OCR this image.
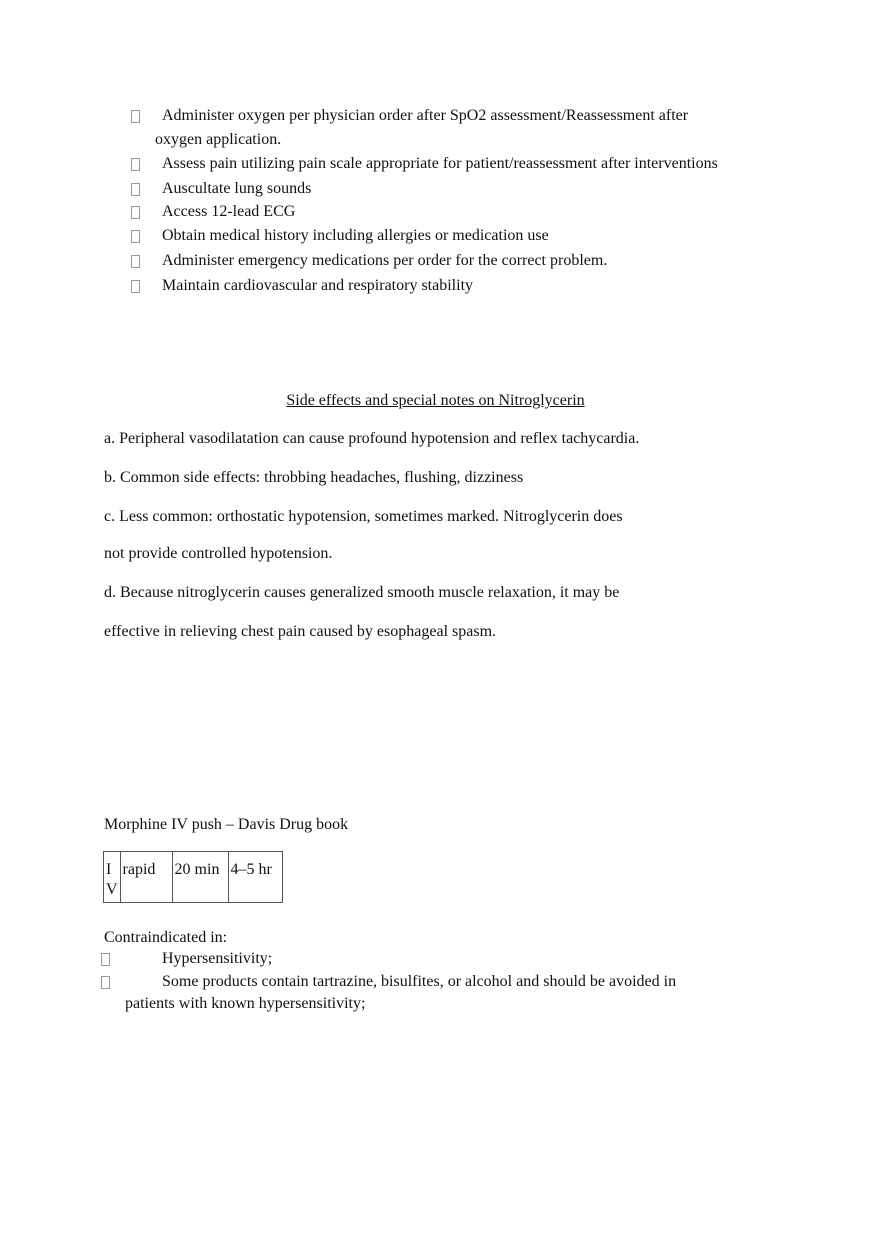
Administer oxygen per physician order after SpO2 assessment/Reassessment after
oxygen application.
Assess pain utilizing pain scale appropriate for patient/reassessment after interventions
Auscultate lung sounds
Access 12-lead ECG
Obtain medical history including allergies or medication use
Administer emergency medications per order for the correct problem.
Maintain cardiovascular and respiratory stability
Side effects and special notes on Nitroglycerin
a. Peripheral vasodilatation can cause profound hypotension and reflex tachycardia.
b. Common side effects: throbbing headaches, flushing, dizziness
c. Less common: orthostatic hypotension, sometimes marked. Nitroglycerin does
not provide controlled hypotension.
d. Because nitroglycerin causes generalized smooth muscle relaxation, it may be
effective in relieving chest pain caused by esophageal spasm.
Morphine IV push – Davis Drug book
I V	rapid	20 min	4–5 hr
Contraindicated in:
Hypersensitivity;
Some products contain tartrazine, bisulfites, or alcohol and should be avoided in
patients with known hypersensitivity;
